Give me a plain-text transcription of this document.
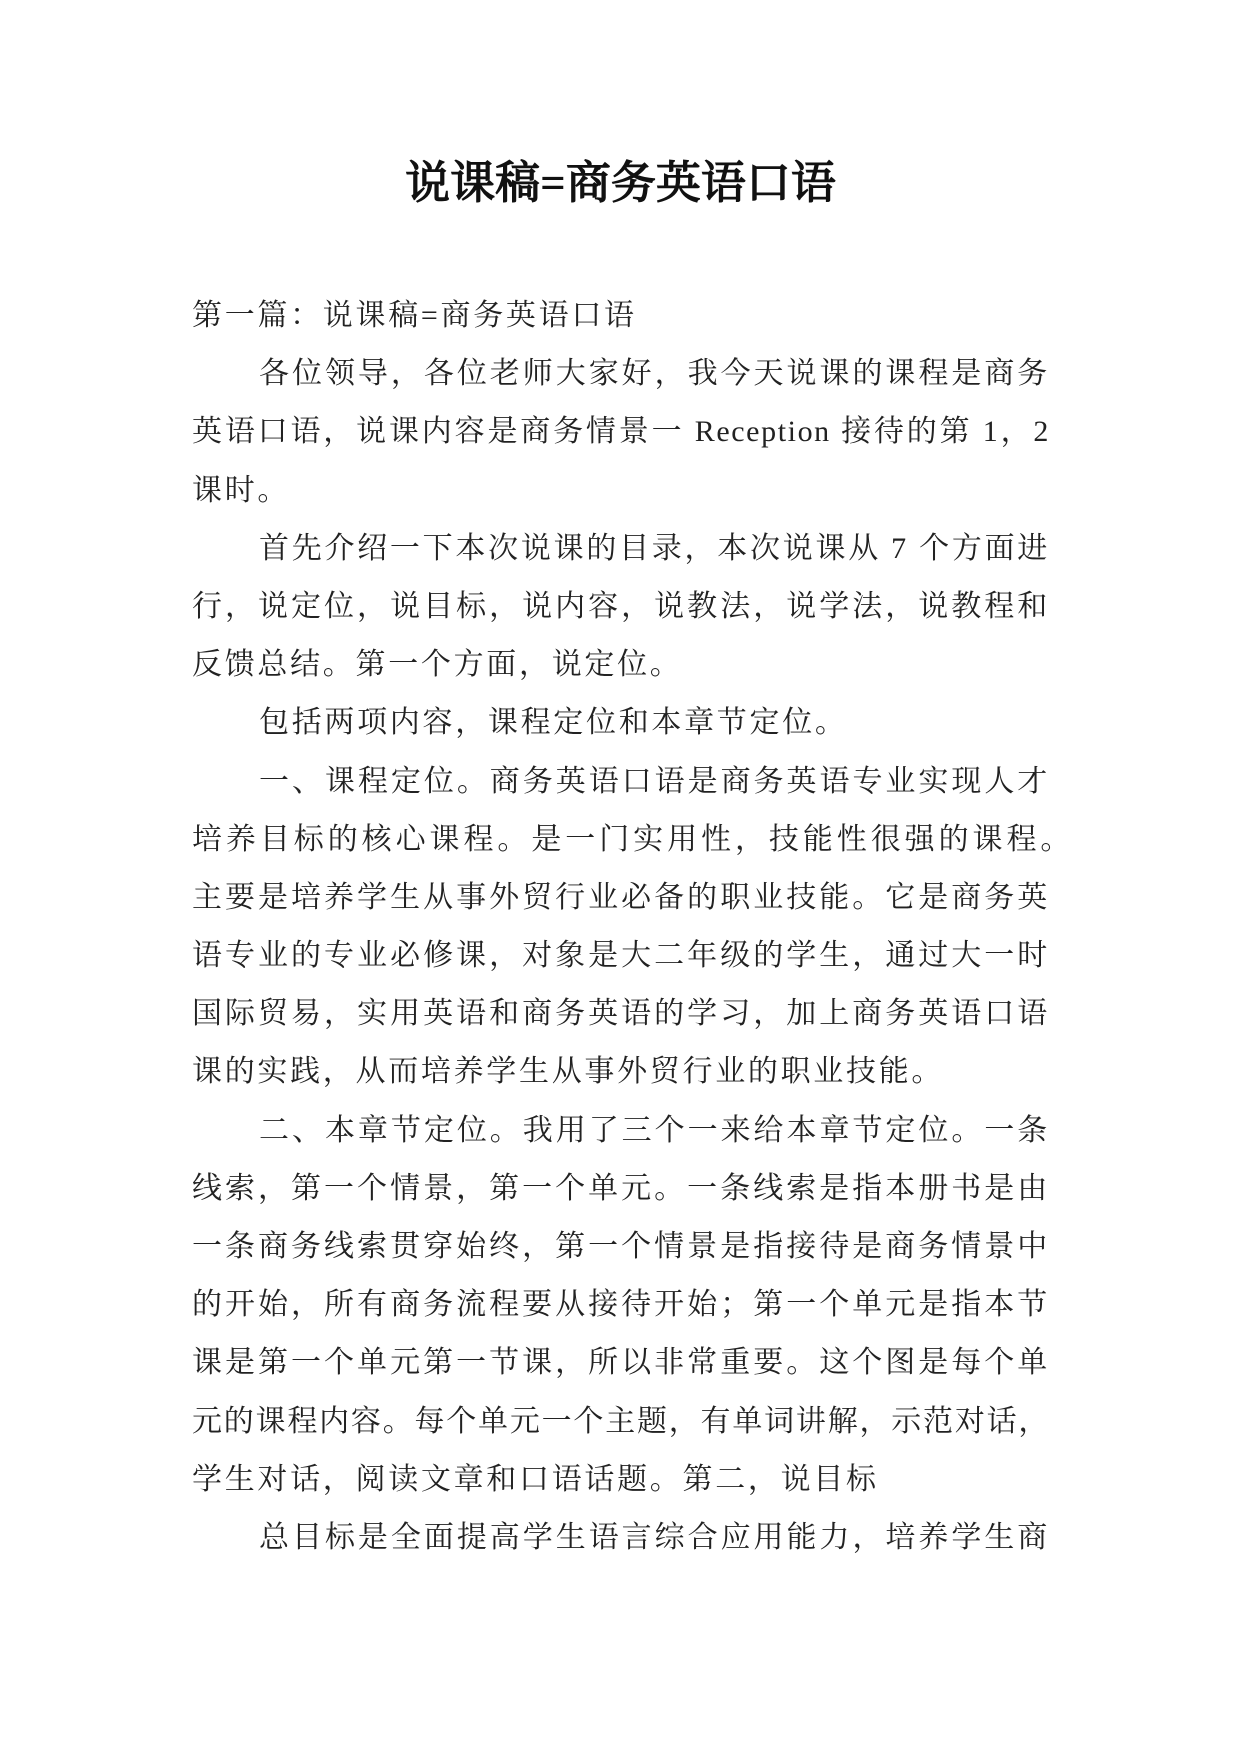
说课稿=商务英语口语
第一篇：说课稿=商务英语口语
各位领导，各位老师大家好，我今天说课的课程是商务
英语口语，说课内容是商务情景一 Reception 接待的第 1，2
课时。
首先介绍一下本次说课的目录，本次说课从 7 个方面进
行，说定位，说目标，说内容，说教法，说学法，说教程和
反馈总结。第一个方面，说定位。
包括两项内容，课程定位和本章节定位。
一、课程定位。商务英语口语是商务英语专业实现人才
培养目标的核心课程。是一门实用性，技能性很强的课程。
主要是培养学生从事外贸行业必备的职业技能。它是商务英
语专业的专业必修课，对象是大二年级的学生，通过大一时
国际贸易，实用英语和商务英语的学习，加上商务英语口语
课的实践，从而培养学生从事外贸行业的职业技能。
二、本章节定位。我用了三个一来给本章节定位。一条
线索，第一个情景，第一个单元。一条线索是指本册书是由
一条商务线索贯穿始终，第一个情景是指接待是商务情景中
的开始，所有商务流程要从接待开始；第一个单元是指本节
课是第一个单元第一节课，所以非常重要。这个图是每个单
元的课程内容。每个单元一个主题，有单词讲解，示范对话，
学生对话，阅读文章和口语话题。第二，说目标
总目标是全面提高学生语言综合应用能力，培养学生商
